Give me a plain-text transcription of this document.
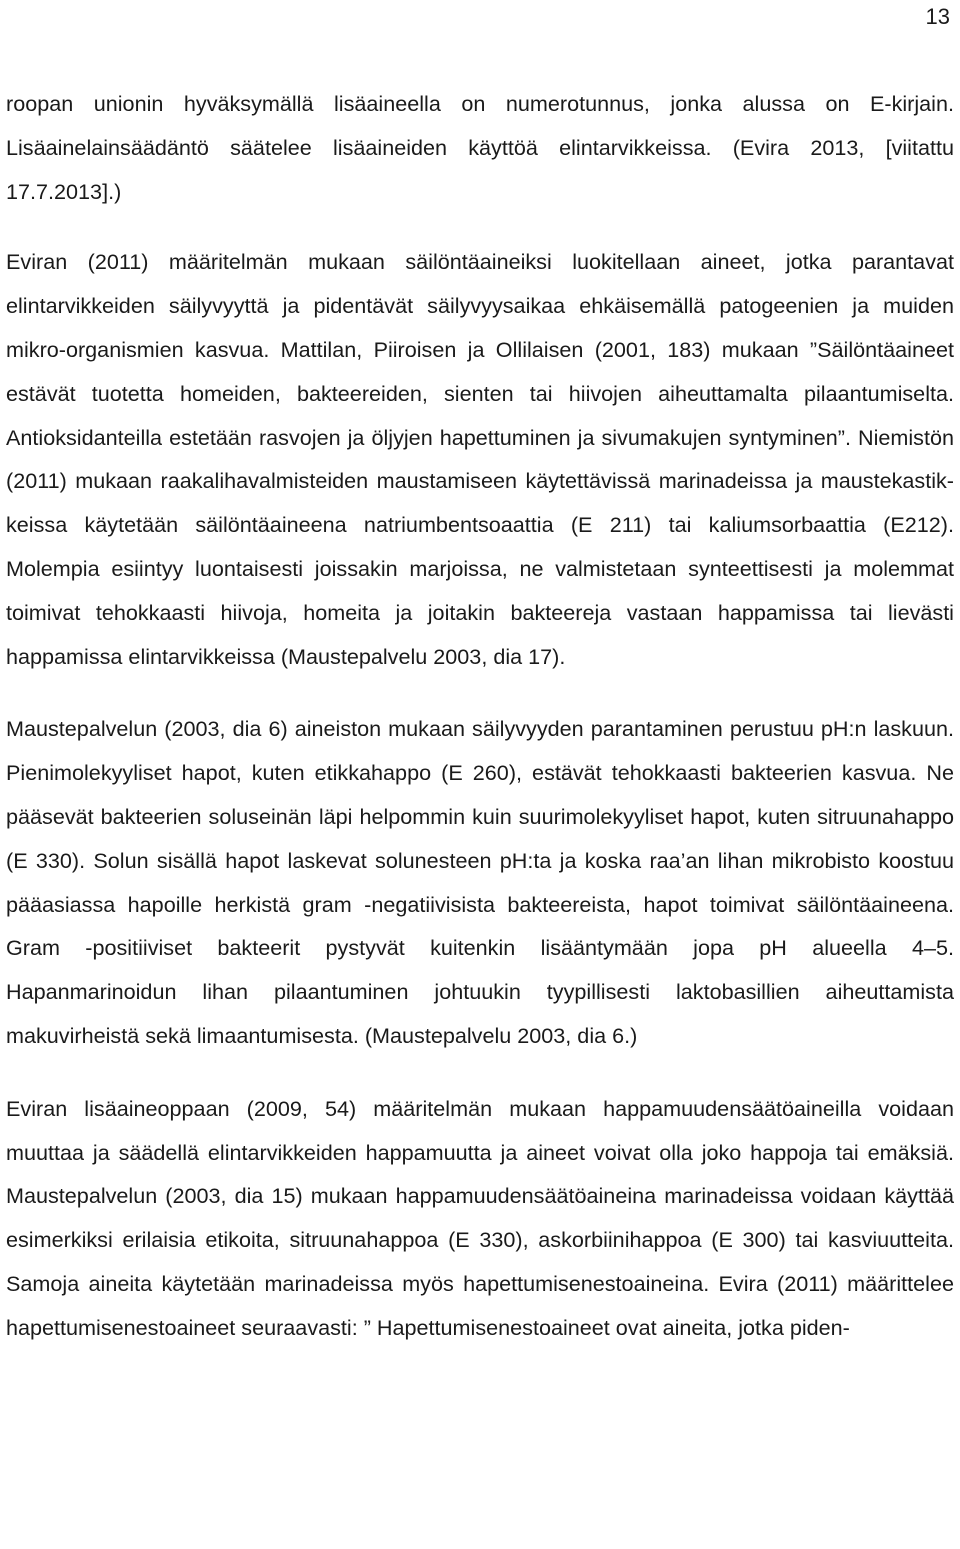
13

roopan unionin hyväksymällä lisäaineella on numerotunnus, jonka alussa on E-kirjain. Lisäainelainsäädäntö säätelee lisäaineiden käyttöä elintarvikkeissa. (Evira 2013, [viitattu 17.7.2013].)

Eviran (2011) määritelmän mukaan säilöntäaineiksi luokitellaan aineet, jotka parantavat elintarvikkeiden säilyvyyttä ja pidentävät säilyvyysaikaa ehkäisemällä patogeenien ja muiden mikro-organismien kasvua. Mattilan, Piiroisen ja Ollilaisen (2001, 183) mukaan ”Säilöntäaineet estävät tuotetta homeiden, bakteereiden, sienten tai hiivojen aiheuttamalta pilaantumiselta. Antioksidanteilla estetään rasvojen ja öljyjen hapettuminen ja sivumakujen syntyminen”. Niemistön (2011) mukaan raakalihavalmisteiden maustamiseen käytettävissä marinadeissa ja maustekastikkeissa käytetään säilöntäaineena natriumbentsoaattia (E 211) tai kaliumsorbaattia (E212). Molempia esiintyy luontaisesti joissakin marjoissa, ne valmistetaan synteettisesti ja molemmat toimivat tehokkaasti hiivoja, homeita ja joitakin bakteereja vastaan happamissa tai lievästi happamissa elintarvikkeissa (Maustepalvelu 2003, dia 17).

Maustepalvelun (2003, dia 6) aineiston mukaan säilyvyyden parantaminen perustuu pH:n laskuun. Pienimolekyyliset hapot, kuten etikkahappo (E 260), estävät tehokkaasti bakteerien kasvua. Ne pääsevät bakteerien soluseinän läpi helpommin kuin suurimolekyyliset hapot, kuten sitruunahappo (E 330). Solun sisällä hapot laskevat solunesteen pH:ta ja koska raa’an lihan mikrobisto koostuu pääasiassa hapoille herkistä gram -negatiivisista bakteereista, hapot toimivat säilöntäaineena. Gram -positiiviset bakteerit pystyvät kuitenkin lisääntymään jopa pH alueella 4–5. Hapanmarinoidun lihan pilaantuminen johtuukin tyypillisesti laktobasillien aiheuttamista makuvirheistä sekä limaantumisesta. (Maustepalvelu 2003, dia 6.)

Eviran lisäaineoppaan (2009, 54) määritelmän mukaan happamuudensäätöaineilla voidaan muuttaa ja säädellä elintarvikkeiden happamuutta ja aineet voivat olla joko happoja tai emäksiä. Maustepalvelun (2003, dia 15) mukaan happamuudensäätöaineina marinadeissa voidaan käyttää esimerkiksi erilaisia etikoita, sitruunahappoa (E 330), askorbiinihappoa (E 300) tai kasviuutteita. Samoja aineita käytetään marinadeissa myös hapettumisenestoaineina. Evira (2011) määrittelee hapettumisenestoaineet seuraavasti: ” Hapettumisenestoaineet ovat aineita, jotka piden-
